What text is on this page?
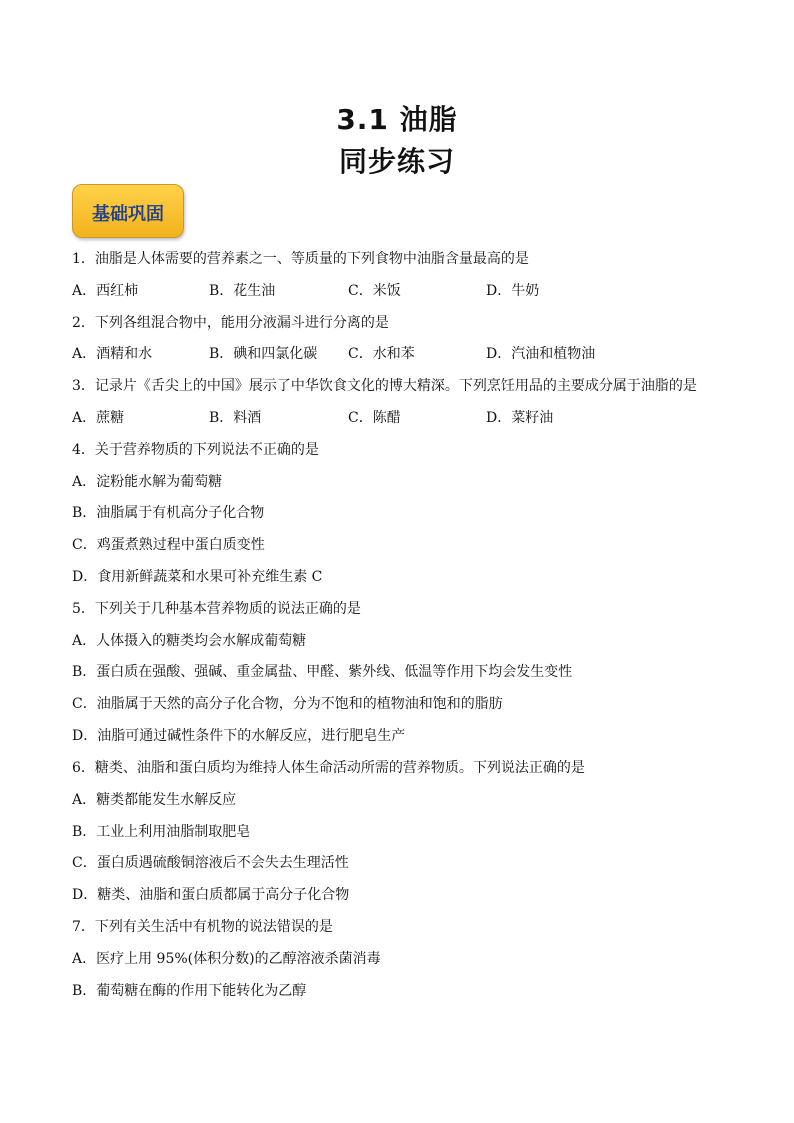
3.1 油脂
同步练习
基础巩固
1．油脂是人体需要的营养素之一、等质量的下列食物中油脂含量最高的是
A．西红柿	B．花生油	C．米饭	D．牛奶
2．下列各组混合物中，能用分液漏斗进行分离的是
A．酒精和水	B．碘和四氯化碳 C．水和苯	D．汽油和植物油
3．记录片《舌尖上的中国》展示了中华饮食文化的博大精深。下列烹饪用品的主要成分属于油脂的是
A．蔗糖	B．料酒	C．陈醋	D．菜籽油
4．关于营养物质的下列说法不正确的是
A．淀粉能水解为葡萄糖
B．油脂属于有机高分子化合物
C．鸡蛋煮熟过程中蛋白质变性
D．食用新鲜蔬菜和水果可补充维生素 C
5．下列关于几种基本营养物质的说法正确的是
A．人体摄入的糖类均会水解成葡萄糖
B．蛋白质在强酸、强碱、重金属盐、甲醛、紫外线、低温等作用下均会发生变性
C．油脂属于天然的高分子化合物，分为不饱和的植物油和饱和的脂肪
D．油脂可通过碱性条件下的水解反应，进行肥皂生产
6．糖类、油脂和蛋白质均为维持人体生命活动所需的营养物质。下列说法正确的是
A．糖类都能发生水解反应
B．工业上利用油脂制取肥皂
C．蛋白质遇硫酸铜溶液后不会失去生理活性
D．糖类、油脂和蛋白质都属于高分子化合物
7．下列有关生活中有机物的说法错误的是
A．医疗上用 95%(体积分数)的乙醇溶液杀菌消毒
B．葡萄糖在酶的作用下能转化为乙醇
